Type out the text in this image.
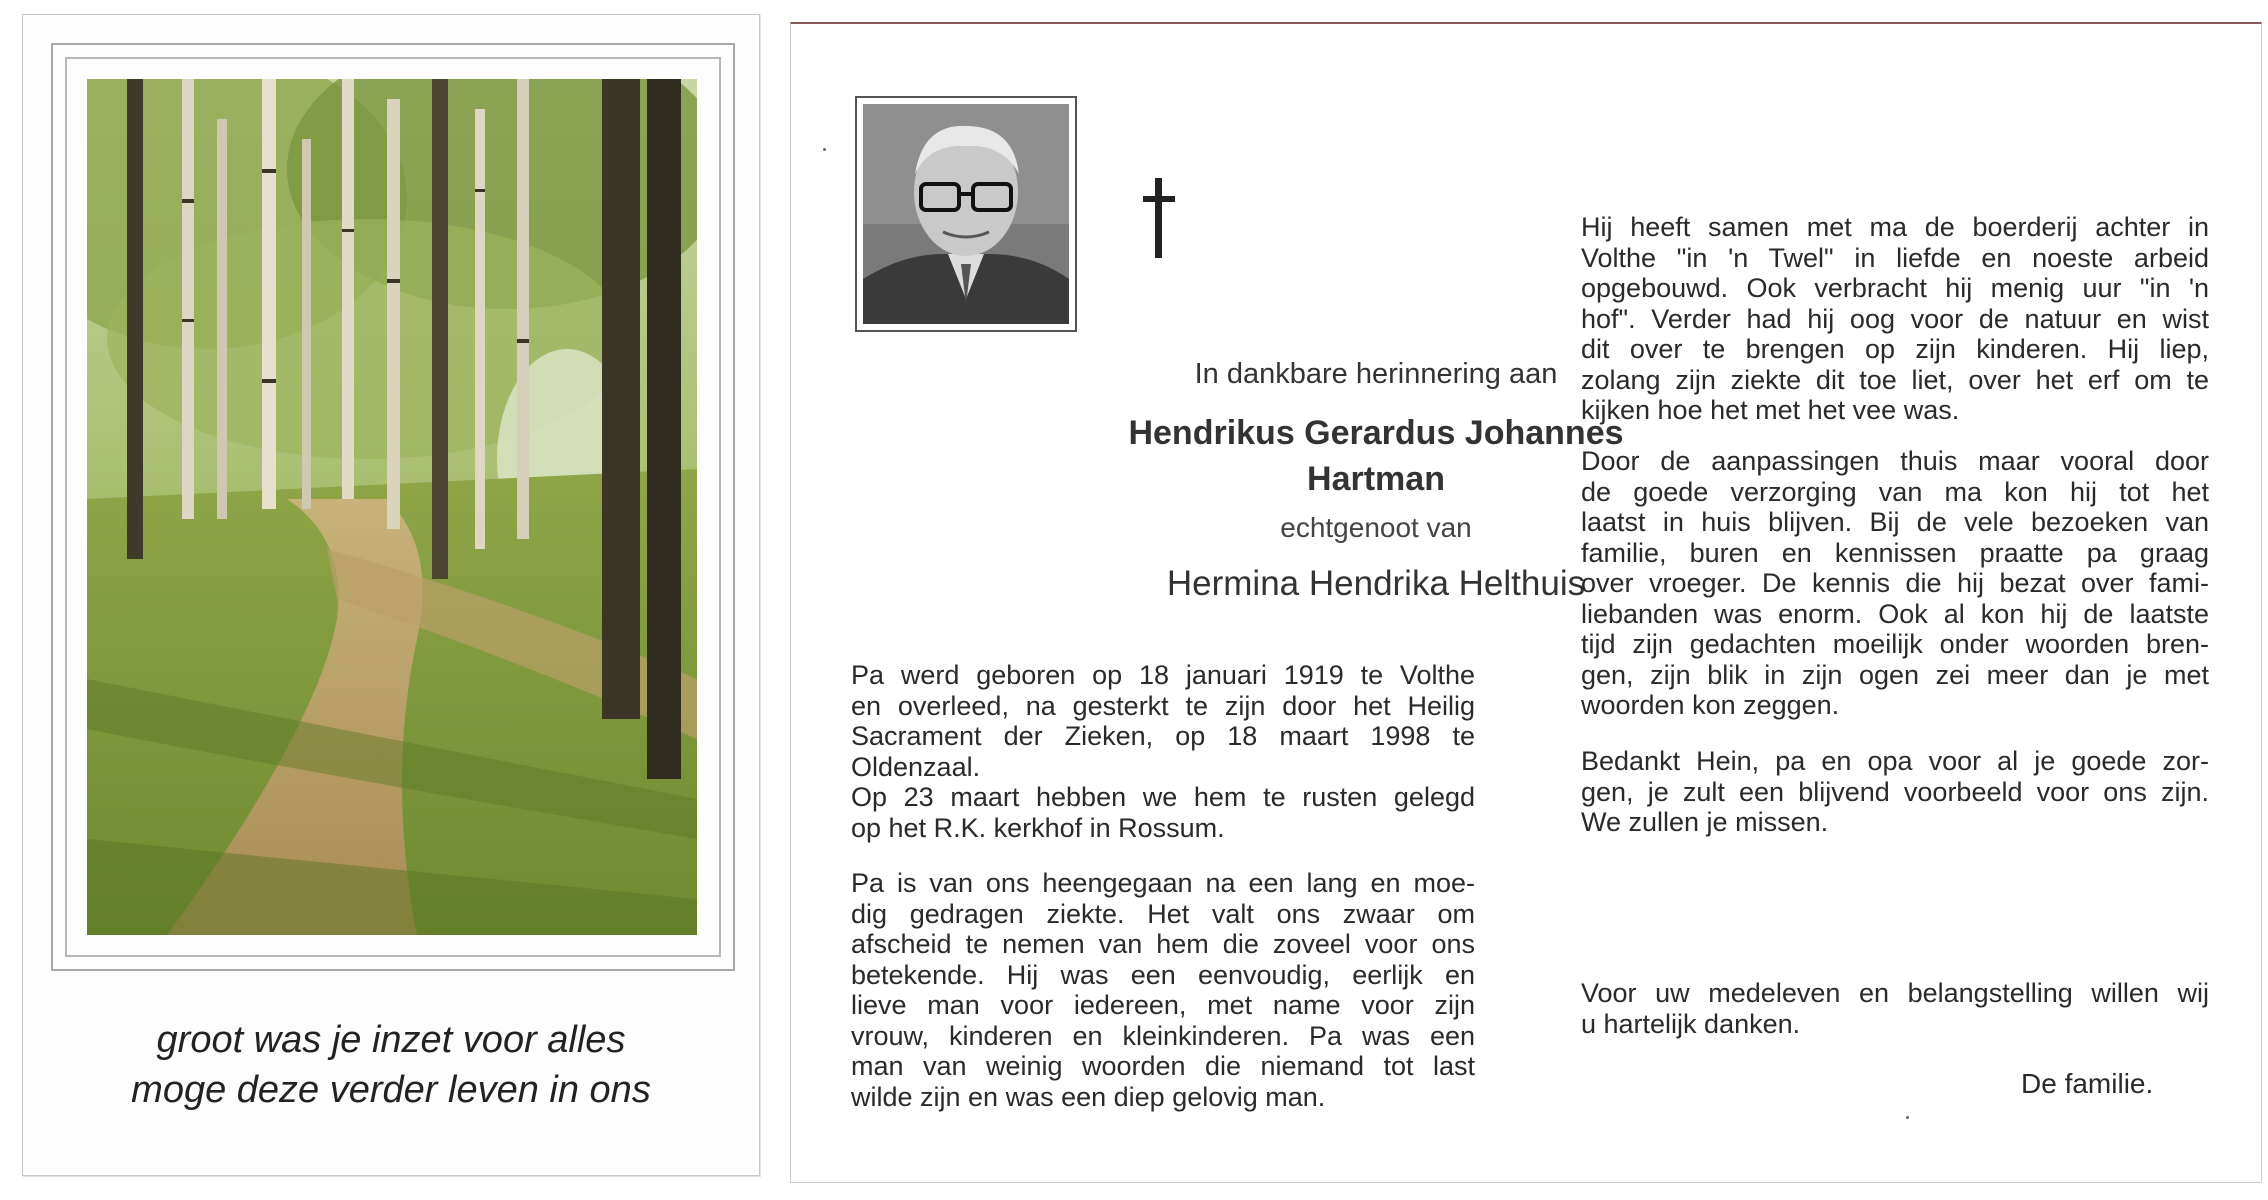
groot was je inzet voor alles
moge deze verder leven in ons
In dankbare herinnering aan
Hendrikus Gerardus Johannes
Hartman
echtgenoot van
Hermina Hendrika Helthuis
Pa werd geboren op 18 januari 1919 te Volthe
en overleed, na gesterkt te zijn door het Heilig
Sacrament der Zieken, op 18 maart 1998 te
Oldenzaal.
Op 23 maart hebben we hem te rusten gelegd
op het R.K. kerkhof in Rossum.
Pa is van ons heengegaan na een lang en moe-
dig gedragen ziekte. Het valt ons zwaar om
afscheid te nemen van hem die zoveel voor ons
betekende. Hij was een eenvoudig, eerlijk en
lieve man voor iedereen, met name voor zijn
vrouw, kinderen en kleinkinderen. Pa was een
man van weinig woorden die niemand tot last
wilde zijn en was een diep gelovig man.
Hij heeft samen met ma de boerderij achter in
Volthe "in 'n Twel" in liefde en noeste arbeid
opgebouwd. Ook verbracht hij menig uur "in 'n
hof". Verder had hij oog voor de natuur en wist
dit over te brengen op zijn kinderen. Hij liep,
zolang zijn ziekte dit toe liet, over het erf om te
kijken hoe het met het vee was.
Door de aanpassingen thuis maar vooral door
de goede verzorging van ma kon hij tot het
laatst in huis blijven. Bij de vele bezoeken van
familie, buren en kennissen praatte pa graag
over vroeger. De kennis die hij bezat over fami-
liebanden was enorm. Ook al kon hij de laatste
tijd zijn gedachten moeilijk onder woorden bren-
gen, zijn blik in zijn ogen zei meer dan je met
woorden kon zeggen.
Bedankt Hein, pa en opa voor al je goede zor-
gen, je zult een blijvend voorbeeld voor ons zijn.
We zullen je missen.
Voor uw medeleven en belangstelling willen wij
u hartelijk danken.
De familie.
